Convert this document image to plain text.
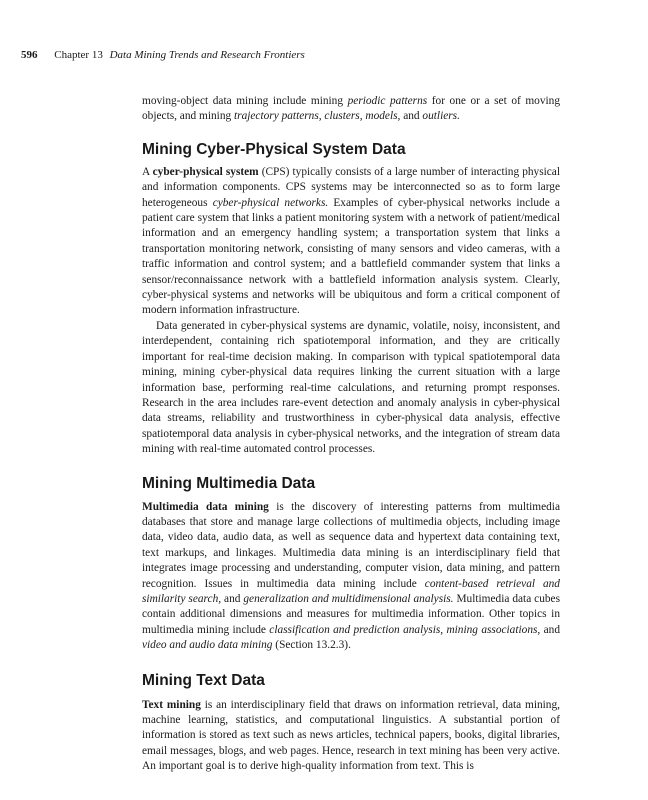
596 Chapter 13 Data Mining Trends and Research Frontiers

moving-object data mining include mining periodic patterns for one or a set of moving objects, and mining trajectory patterns, clusters, models, and outliers.

Mining Cyber-Physical System Data

A cyber-physical system (CPS) typically consists of a large number of interacting physical and information components. CPS systems may be interconnected so as to form large heterogeneous cyber-physical networks. Examples of cyber-physical networks include a patient care system that links a patient monitoring system with a network of patient/medical information and an emergency handling system; a transportation system that links a transportation monitoring network, consisting of many sensors and video cameras, with a traffic information and control system; and a battlefield commander system that links a sensor/reconnaissance network with a battlefield information analysis system. Clearly, cyber-physical systems and networks will be ubiquitous and form a critical component of modern information infrastructure.

Data generated in cyber-physical systems are dynamic, volatile, noisy, inconsistent, and interdependent, containing rich spatiotemporal information, and they are critically important for real-time decision making. In comparison with typical spatiotemporal data mining, mining cyber-physical data requires linking the current situation with a large information base, performing real-time calculations, and returning prompt responses. Research in the area includes rare-event detection and anomaly analysis in cyber-physical data streams, reliability and trustworthiness in cyber-physical data analysis, effective spatiotemporal data analysis in cyber-physical networks, and the integration of stream data mining with real-time automated control processes.

Mining Multimedia Data

Multimedia data mining is the discovery of interesting patterns from multimedia databases that store and manage large collections of multimedia objects, including image data, video data, audio data, as well as sequence data and hypertext data containing text, text markups, and linkages. Multimedia data mining is an interdisciplinary field that integrates image processing and understanding, computer vision, data mining, and pattern recognition. Issues in multimedia data mining include content-based retrieval and similarity search, and generalization and multidimensional analysis. Multimedia data cubes contain additional dimensions and measures for multimedia information. Other topics in multimedia mining include classification and prediction analysis, mining associations, and video and audio data mining (Section 13.2.3).

Mining Text Data

Text mining is an interdisciplinary field that draws on information retrieval, data mining, machine learning, statistics, and computational linguistics. A substantial portion of information is stored as text such as news articles, technical papers, books, digital libraries, email messages, blogs, and web pages. Hence, research in text mining has been very active. An important goal is to derive high-quality information from text. This is
